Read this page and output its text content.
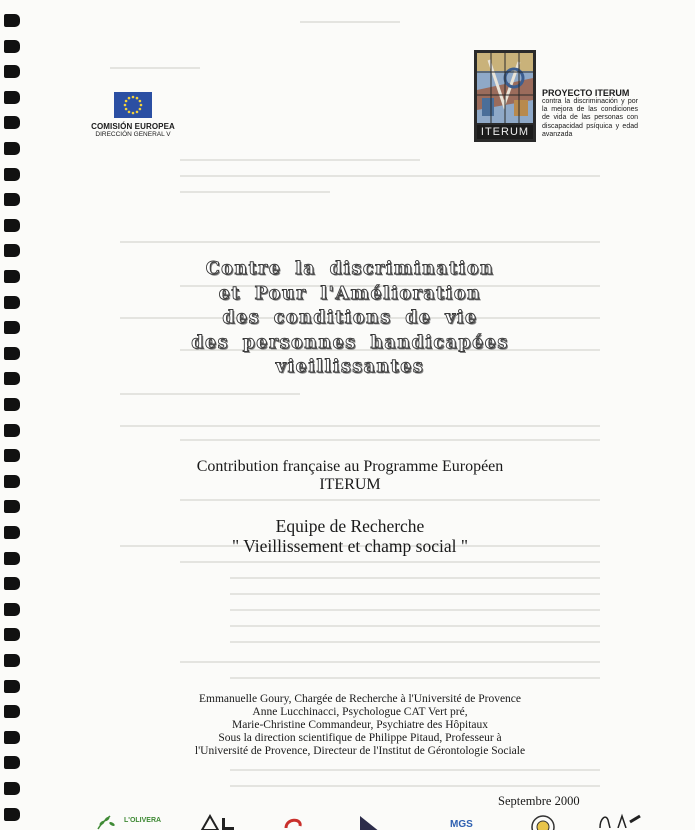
COMISIÓN EUROPEA
DIRECCIÓN GENERAL V	ITERUM
PROYECTO ITERUM
contra la discriminación y por la mejora de las condiciones de vida de las personas con discapacidad psíquica y edad avanzada
Contre la discrimination
et Pour l'Amélioration
des conditions de vie
des personnes handicapées
vieillissantes
Contribution française au Programme Européen
ITERUM
Equipe de Recherche
" Vieillissement et champ social "
Emmanuelle Goury, Chargée de Recherche à l'Université de Provence
Anne Lucchinacci, Psychologue CAT Vert pré,
Marie-Christine Commandeur, Psychiatre des Hôpitaux
Sous la direction scientifique de Philippe Pitaud, Professeur à
l'Université de Provence, Directeur de l'Institut de Gérontologie Sociale
Septembre 2000
L'OLIVERA	MGS
